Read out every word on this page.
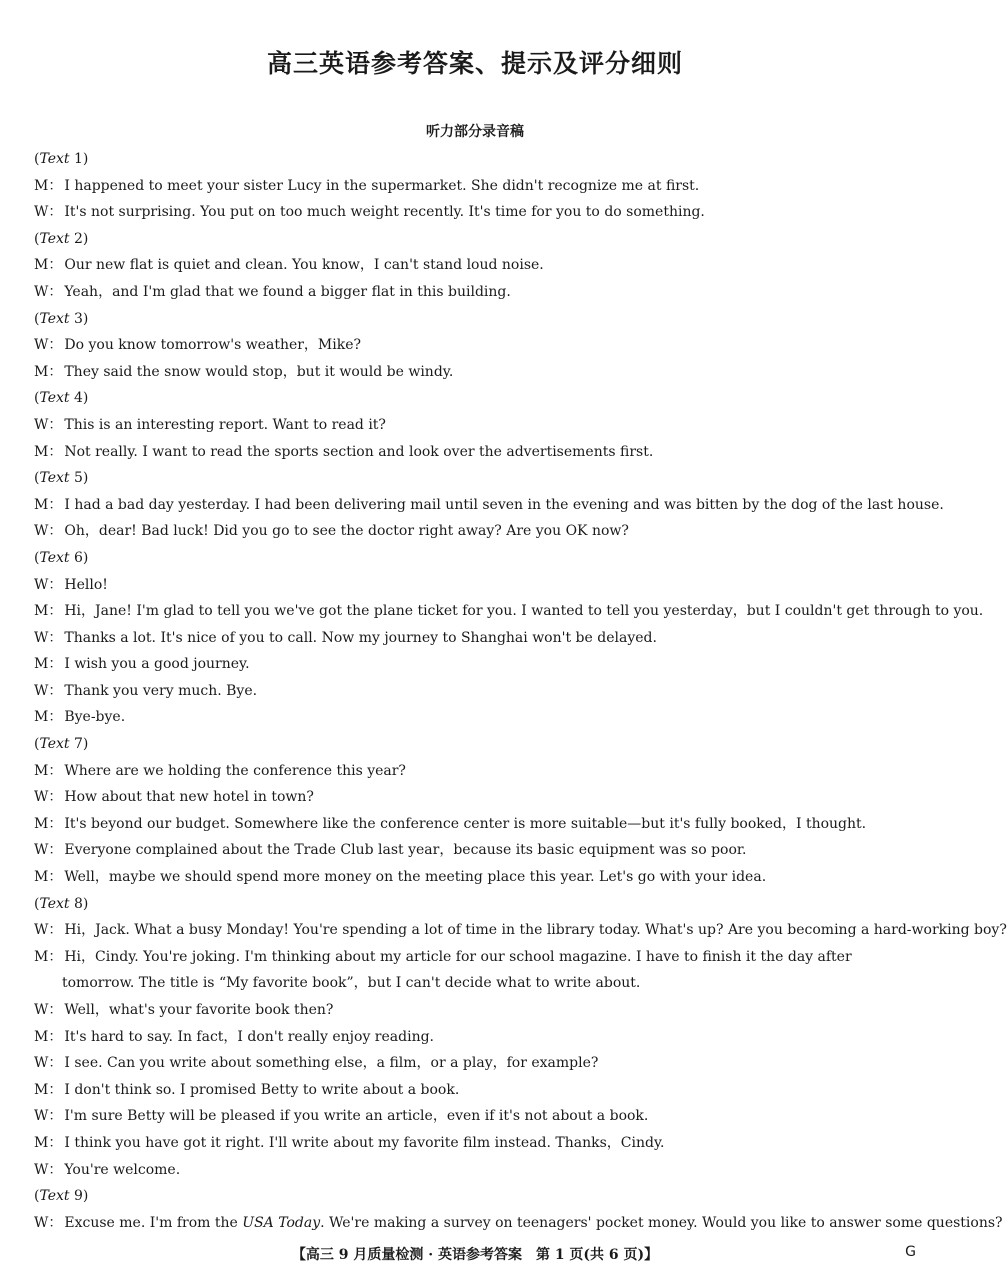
高三英语参考答案、提示及评分细则
听力部分录音稿
(Text 1)
M： I happened to meet your sister Lucy in the supermarket. She didn't recognize me at first.
W： It's not surprising. You put on too much weight recently. It's time for you to do something.
(Text 2)
M： Our new flat is quiet and clean. You know，I can't stand loud noise.
W： Yeah，and I'm glad that we found a bigger flat in this building.
(Text 3)
W： Do you know tomorrow's weather，Mike?
M： They said the snow would stop，but it would be windy.
(Text 4)
W： This is an interesting report. Want to read it?
M： Not really. I want to read the sports section and look over the advertisements first.
(Text 5)
M： I had a bad day yesterday. I had been delivering mail until seven in the evening and was bitten by the dog of the last house.
W： Oh，dear! Bad luck! Did you go to see the doctor right away? Are you OK now?
(Text 6)
W： Hello!
M： Hi，Jane! I'm glad to tell you we've got the plane ticket for you. I wanted to tell you yesterday，but I couldn't get through to you.
W： Thanks a lot. It's nice of you to call. Now my journey to Shanghai won't be delayed.
M： I wish you a good journey.
W： Thank you very much. Bye.
M： Bye-bye.
(Text 7)
M： Where are we holding the conference this year?
W： How about that new hotel in town?
M： It's beyond our budget. Somewhere like the conference center is more suitable—but it's fully booked，I thought.
W： Everyone complained about the Trade Club last year，because its basic equipment was so poor.
M： Well，maybe we should spend more money on the meeting place this year. Let's go with your idea.
(Text 8)
W： Hi，Jack. What a busy Monday! You're spending a lot of time in the library today. What's up? Are you becoming a hard-working boy?
M： Hi，Cindy. You're joking. I'm thinking about my article for our school magazine. I have to finish it the day after tomorrow. The title is “My favorite book”，but I can't decide what to write about.
W： Well，what's your favorite book then?
M： It's hard to say. In fact，I don't really enjoy reading.
W： I see. Can you write about something else，a film，or a play，for example?
M： I don't think so. I promised Betty to write about a book.
W： I'm sure Betty will be pleased if you write an article，even if it's not about a book.
M： I think you have got it right. I'll write about my favorite film instead. Thanks，Cindy.
W： You're welcome.
(Text 9)
W： Excuse me. I'm from the USA Today. We're making a survey on teenagers' pocket money. Would you like to answer some questions?
【高三 9 月质量检测 · 英语参考答案　第 1 页(共 6 页)】	G
